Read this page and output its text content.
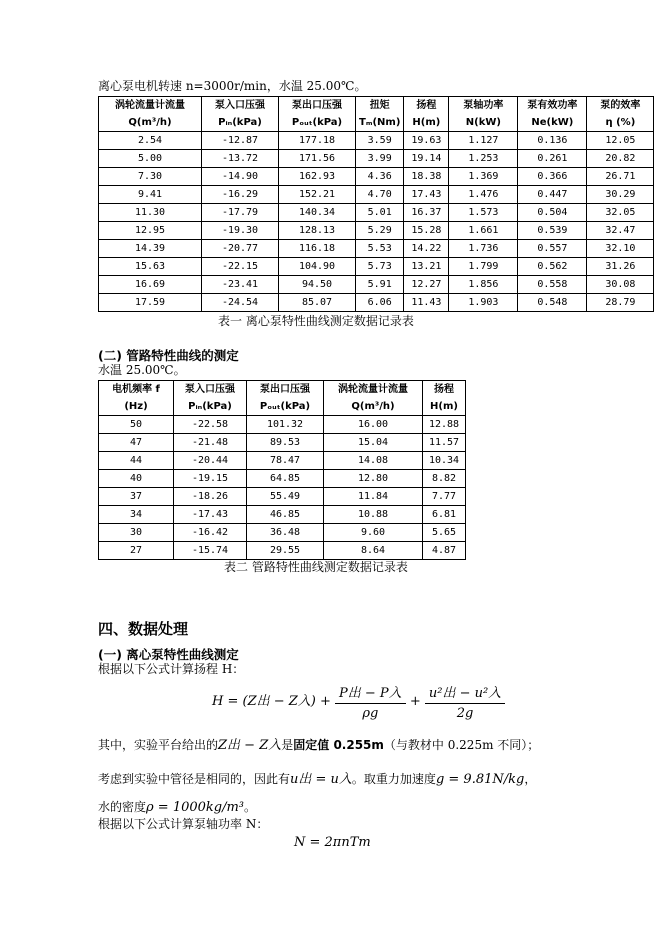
离心泵电机转速 n=3000r/min，水温 25.00℃。
涡轮流量计流量	泵入口压强	泵出口压强	扭矩	扬程	泵轴功率	泵有效功率	泵的效率
Q(m³/h)	Pᵢₙ(kPa)	Pₒᵤₜ(kPa)	Tₘ(Nm)	H(m)	N(kW)	Ne(kW)	η (%)
2.54	-12.87	177.18	3.59	19.63	1.127	0.136	12.05
5.00	-13.72	171.56	3.99	19.14	1.253	0.261	20.82
7.30	-14.90	162.93	4.36	18.38	1.369	0.366	26.71
9.41	-16.29	152.21	4.70	17.43	1.476	0.447	30.29
11.30	-17.79	140.34	5.01	16.37	1.573	0.504	32.05
12.95	-19.30	128.13	5.29	15.28	1.661	0.539	32.47
14.39	-20.77	116.18	5.53	14.22	1.736	0.557	32.10
15.63	-22.15	104.90	5.73	13.21	1.799	0.562	31.26
16.69	-23.41	94.50	5.91	12.27	1.856	0.558	30.08
17.59	-24.54	85.07	6.06	11.43	1.903	0.548	28.79
表一 离心泵特性曲线测定数据记录表
(二) 管路特性曲线的测定
水温 25.00℃。
电机频率 f	泵入口压强	泵出口压强	涡轮流量计流量	扬程
(Hz)	Pᵢₙ(kPa)	Pₒᵤₜ(kPa)	Q(m³/h)	H(m)
50	-22.58	101.32	16.00	12.88
47	-21.48	89.53	15.04	11.57
44	-20.44	78.47	14.08	10.34
40	-19.15	64.85	12.80	8.82
37	-18.26	55.49	11.84	7.77
34	-17.43	46.85	10.88	6.81
30	-16.42	36.48	9.60	5.65
27	-15.74	29.55	8.64	4.87
表二 管路特性曲线测定数据记录表
四、数据处理
(一) 离心泵特性曲线测定
根据以下公式计算扬程 H：
H = (Z出 − Z入) + $\frac{\text{P出 − P入}}{\rho g} + \frac{\text{u²出 − u²入}}{2g}$
其中，实验平台给出的Z出 − Z入是固定值 0.255m（与教材中 0.225m 不同）；
考虑到实验中管径是相同的，因此有u出 = u入。取重力加速度g = 9.81N/kg，
水的密度ρ = 1000kg/m³。
根据以下公式计算泵轴功率 N：
N = 2πnTm
